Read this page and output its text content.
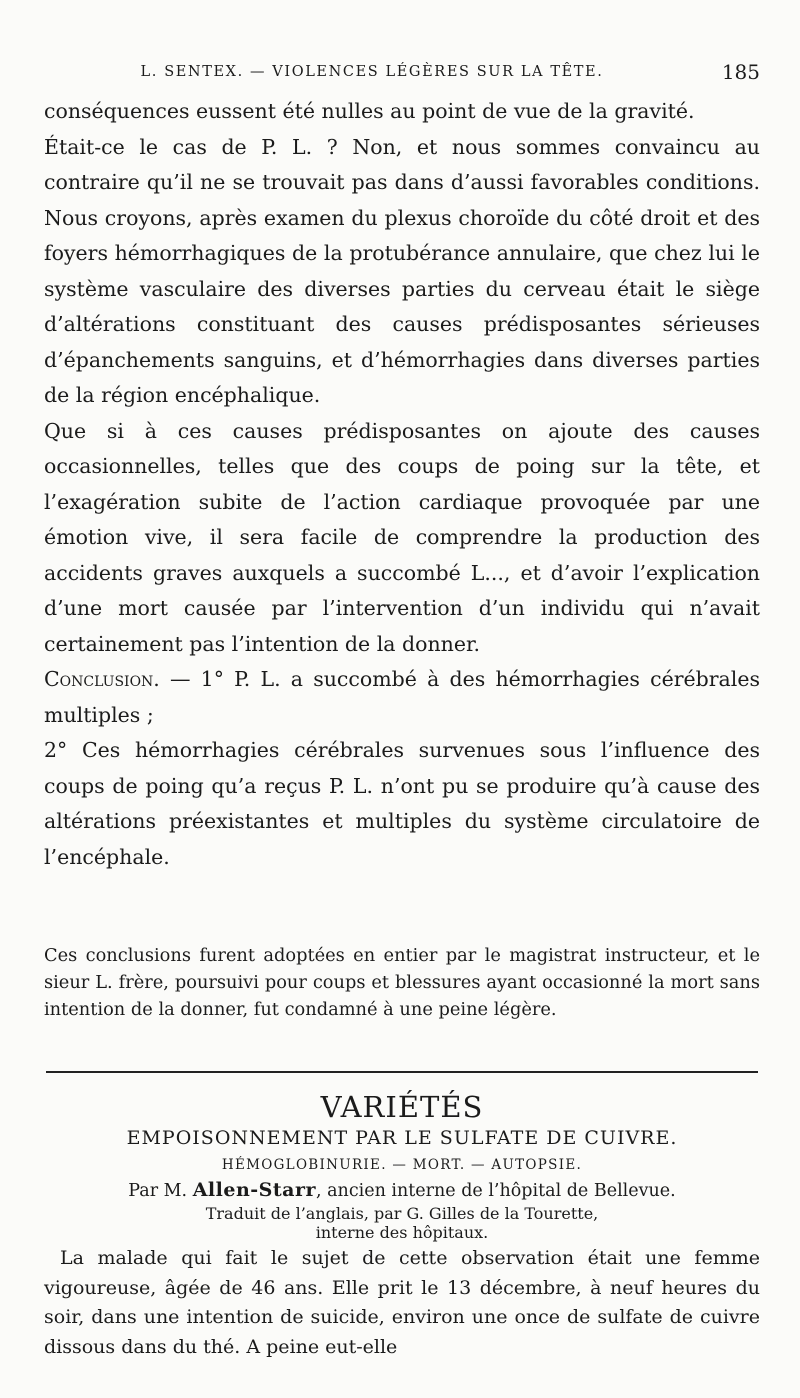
L. SENTEX. — VIOLENCES LÉGÈRES SUR LA TÊTE.	185

conséquences eussent été nulles au point de vue de la gravité.

Était-ce le cas de P. L. ? Non, et nous sommes convaincu au contraire qu’il ne se trouvait pas dans d’aussi favorables conditions. Nous croyons, après examen du plexus choroïde du côté droit et des foyers hémorrhagiques de la protubérance annulaire, que chez lui le système vasculaire des diverses parties du cerveau était le siège d’altérations constituant des causes prédisposantes sérieuses d’épanchements sanguins, et d’hémorrhagies dans diverses parties de la région encéphalique.

Que si à ces causes prédisposantes on ajoute des causes occasionnelles, telles que des coups de poing sur la tête, et l’exagération subite de l’action cardiaque provoquée par une émotion vive, il sera facile de comprendre la production des accidents graves auxquels a succombé L..., et d’avoir l’explication d’une mort causée par l’intervention d’un individu qui n’avait certainement pas l’intention de la donner.

Conclusion. — 1° P. L. a succombé à des hémorrhagies cérébrales multiples ;

2° Ces hémorrhagies cérébrales survenues sous l’influence des coups de poing qu’a reçus P. L. n’ont pu se produire qu’à cause des altérations préexistantes et multiples du système circulatoire de l’encéphale.

Ces conclusions furent adoptées en entier par le magistrat instructeur, et le sieur L. frère, poursuivi pour coups et blessures ayant occasionné la mort sans intention de la donner, fut condamné à une peine légère.

VARIÉTÉS
EMPOISONNEMENT PAR LE SULFATE DE CUIVRE.
HÉMOGLOBINURIE. — MORT. — AUTOPSIE.
Par M. Allen-Starr, ancien interne de l’hôpital de Bellevue.
Traduit de l’anglais, par G. Gilles de la Tourette,
interne des hôpitaux.

La malade qui fait le sujet de cette observation était une femme vigoureuse, âgée de 46 ans. Elle prit le 13 décembre, à neuf heures du soir, dans une intention de suicide, environ une once de sulfate de cuivre dissous dans du thé. A peine eut-elle
